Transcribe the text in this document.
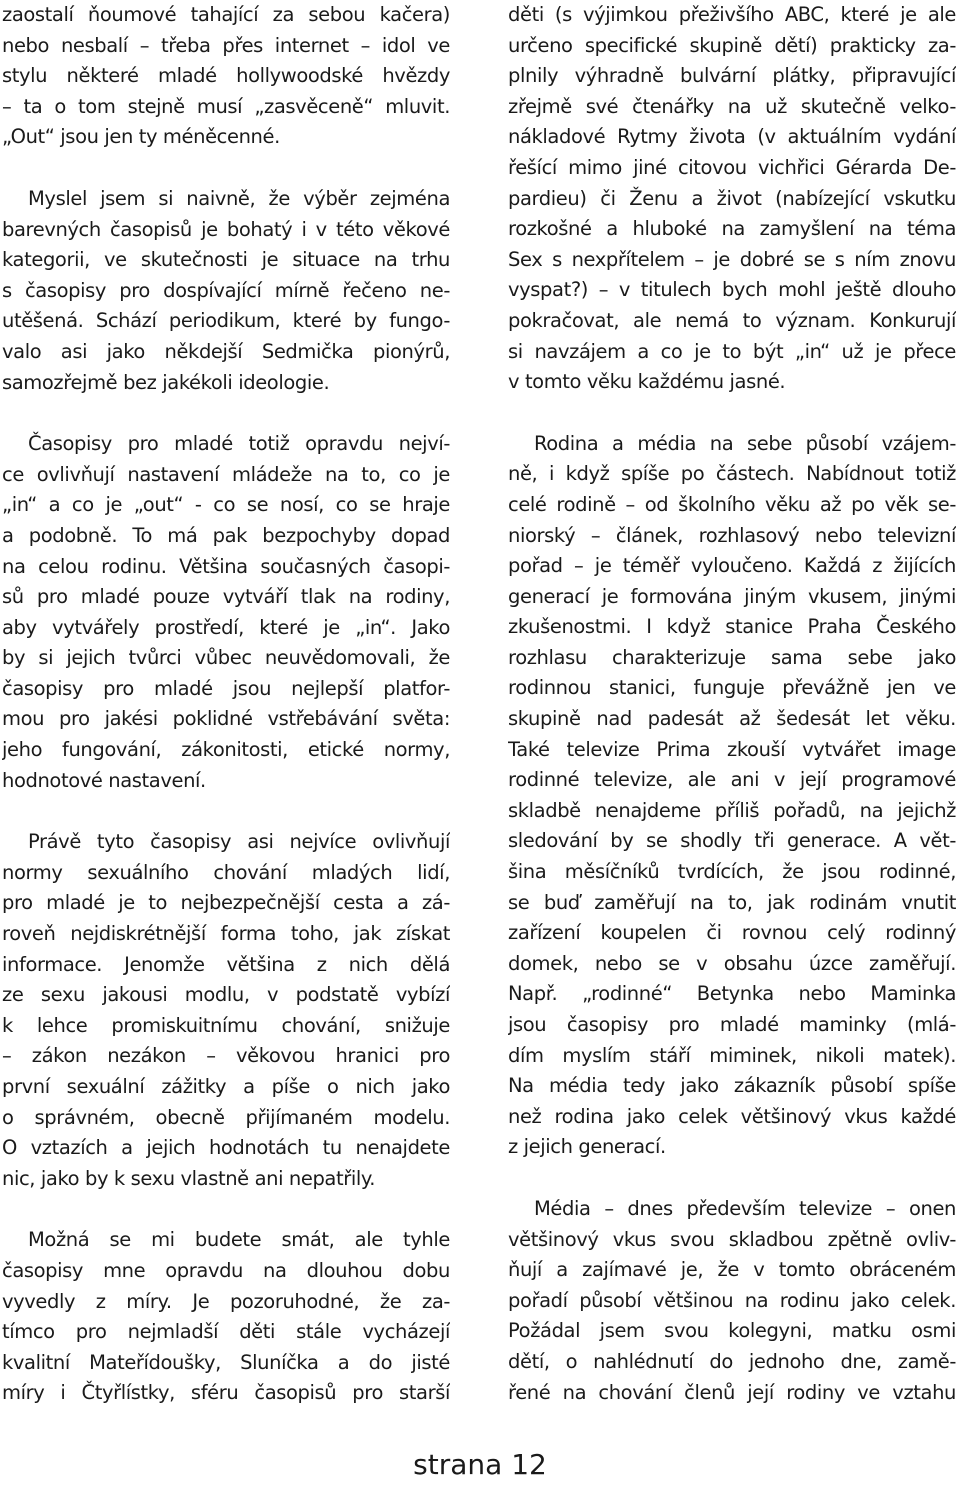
zaostalí ňoumové tahající za sebou kačera)
nebo nesbalí – třeba přes internet – idol ve
stylu některé mladé hollywoodské hvězdy
– ta o tom stejně musí „zasvěceně“ mluvit.
„Out“ jsou jen ty méněcenné.
Myslel jsem si naivně, že výběr zejména
barevných časopisů je bohatý i v této věkové
kategorii, ve skutečnosti je situace na trhu
s časopisy pro dospívající mírně řečeno ne-
utěšená. Schází periodikum, které by fungo-
valo asi jako někdejší Sedmička pionýrů,
samozřejmě bez jakékoli ideologie.
Časopisy pro mladé totiž opravdu nejví-
ce ovlivňují nastavení mládeže na to, co je
„in“ a co je „out“ - co se nosí, co se hraje
a podobně. To má pak bezpochyby dopad
na celou rodinu. Většina současných časopi-
sů pro mladé pouze vytváří tlak na rodiny,
aby vytvářely prostředí, které je „in“. Jako
by si jejich tvůrci vůbec neuvědomovali, že
časopisy pro mladé jsou nejlepší platfor-
mou pro jakési poklidné vstřebávání světa:
jeho fungování, zákonitosti, etické normy,
hodnotové nastavení.
Právě tyto časopisy asi nejvíce ovlivňují
normy sexuálního chování mladých lidí,
pro mladé je to nejbezpečnější cesta a zá-
roveň nejdiskrétnější forma toho, jak získat
informace. Jenomže většina z nich dělá
ze sexu jakousi modlu, v podstatě vybízí
k lehce promiskuitnímu chování, snižuje
– zákon nezákon – věkovou hranici pro
první sexuální zážitky a píše o nich jako
o správném, obecně přijímaném modelu.
O vztazích a jejich hodnotách tu nenajdete
nic, jako by k sexu vlastně ani nepatřily.
Možná se mi budete smát, ale tyhle
časopisy mne opravdu na dlouhou dobu
vyvedly z míry. Je pozoruhodné, že za-
tímco pro nejmladší děti stále vycházejí
kvalitní Mateřídoušky, Sluníčka a do jisté
míry i Čtyřlístky, sféru časopisů pro starší
děti (s výjimkou přeživšího ABC, které je ale
určeno specifické skupině dětí) prakticky za-
plnily výhradně bulvární plátky, připravující
zřejmě své čtenářky na už skutečně velko-
nákladové Rytmy života (v aktuálním vydání
řešící mimo jiné citovou vichřici Gérarda De-
pardieu) či Ženu a život (nabízející vskutku
rozkošné a hluboké na zamyšlení na téma
Sex s nexpřítelem – je dobré se s ním znovu
vyspat?) – v titulech bych mohl ještě dlouho
pokračovat, ale nemá to význam. Konkurují
si navzájem a co je to být „in“ už je přece
v tomto věku každému jasné.
Rodina a média na sebe působí vzájem-
ně, i když spíše po částech. Nabídnout totiž
celé rodině – od školního věku až po věk se-
niorský – článek, rozhlasový nebo televizní
pořad – je téměř vyloučeno. Každá z žijících
generací je formována jiným vkusem, jinými
zkušenostmi. I když stanice Praha Českého
rozhlasu charakterizuje sama sebe jako
rodinnou stanici, funguje převážně jen ve
skupině nad padesát až šedesát let věku.
Také televize Prima zkouší vytvářet image
rodinné televize, ale ani v její programové
skladbě nenajdeme příliš pořadů, na jejichž
sledování by se shodly tři generace. A vět-
šina měsíčníků tvrdících, že jsou rodinné,
se buď zaměřují na to, jak rodinám vnutit
zařízení koupelen či rovnou celý rodinný
domek, nebo se v obsahu úzce zaměřují.
Např. „rodinné“ Betynka nebo Maminka
jsou časopisy pro mladé maminky (mlá-
dím myslím stáří miminek, nikoli matek).
Na média tedy jako zákazník působí spíše
než rodina jako celek většinový vkus každé
z jejich generací.
Média – dnes především televize – onen
většinový vkus svou skladbou zpětně ovliv-
ňují a zajímavé je, že v tomto obráceném
pořadí působí většinou na rodinu jako celek.
Požádal jsem svou kolegyni, matku osmi
dětí, o nahlédnutí do jednoho dne, zamě-
řené na chování členů její rodiny ve vztahu
strana 12
